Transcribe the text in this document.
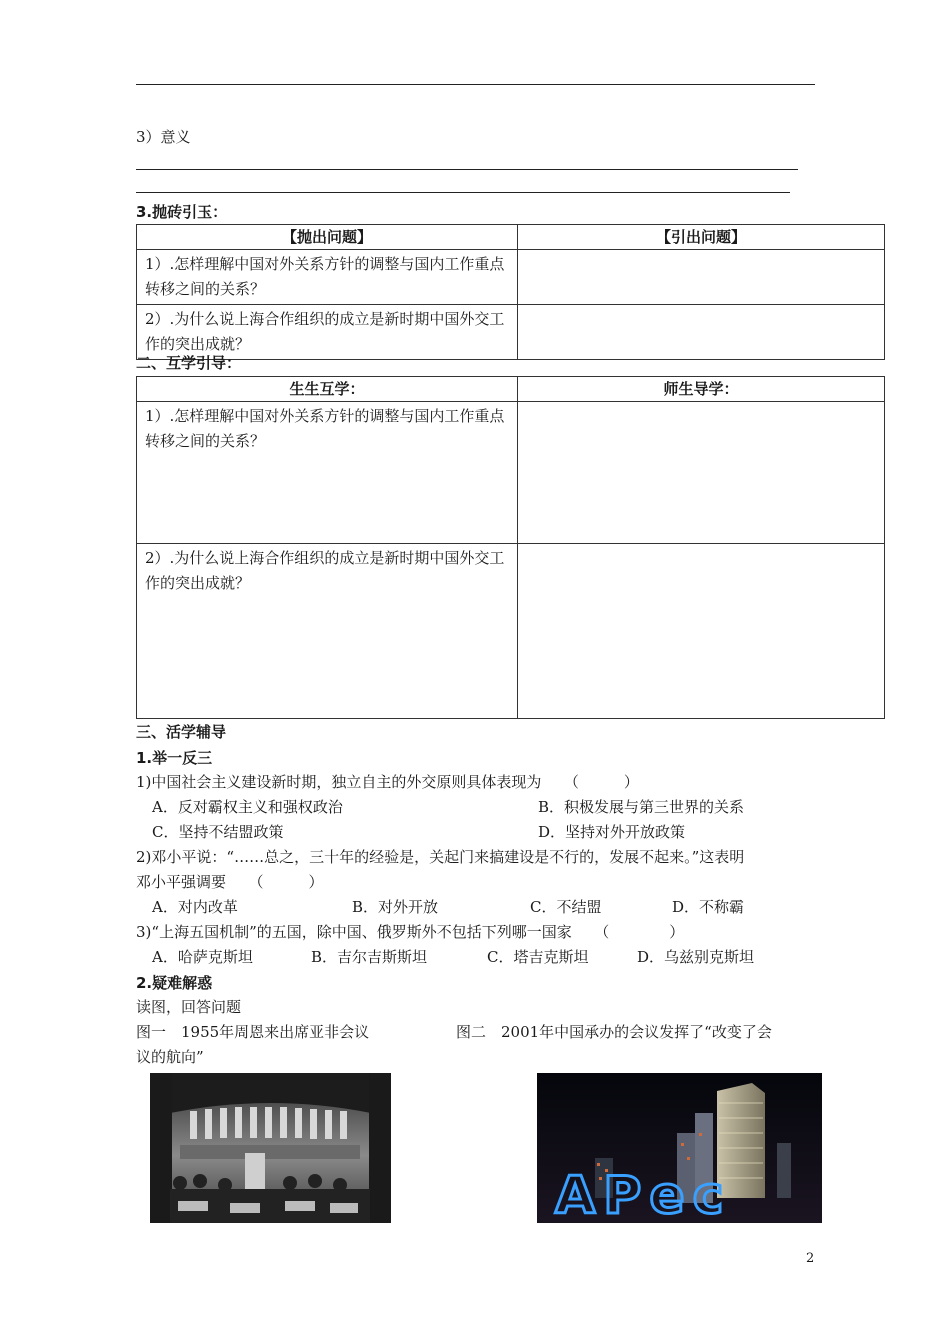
3）意义
3.抛砖引玉：
【抛出问题】	【引出问题】
1）.怎样理解中国对外关系方针的调整与国内工作重点转移之间的关系？	
2）.为什么说上海合作组织的成立是新时期中国外交工作的突出成就？	
二、互学引导：
生生互学：	师生导学：
1）.怎样理解中国对外关系方针的调整与国内工作重点转移之间的关系？	
2）.为什么说上海合作组织的成立是新时期中国外交工作的突出成就？	
三、活学辅导
1.举一反三
1)中国社会主义建设新时期，独立自主的外交原则具体表现为　　（　　　）
A．反对霸权主义和强权政治	B．积极发展与第三世界的关系
C．坚持不结盟政策	D．坚持对外开放政策
2)邓小平说：“……总之，三十年的经验是，关起门来搞建设是不行的，发展不起来。”这表明
邓小平强调要　　（　　　）
A．对内改革	B．对外开放	C．不结盟	D．不称霸
3)“上海五国机制”的五国，除中国、俄罗斯外不包括下列哪一国家　　（　　　　）
A．哈萨克斯坦	B．吉尔吉斯斯坦	C．塔吉克斯坦	D．乌兹别克斯坦
2.疑难解惑
读图，回答问题
图一　1955年周恩来出席亚非会议	图二　2001年中国承办的会议发挥了“改变了会
议的航向”
APec
2
